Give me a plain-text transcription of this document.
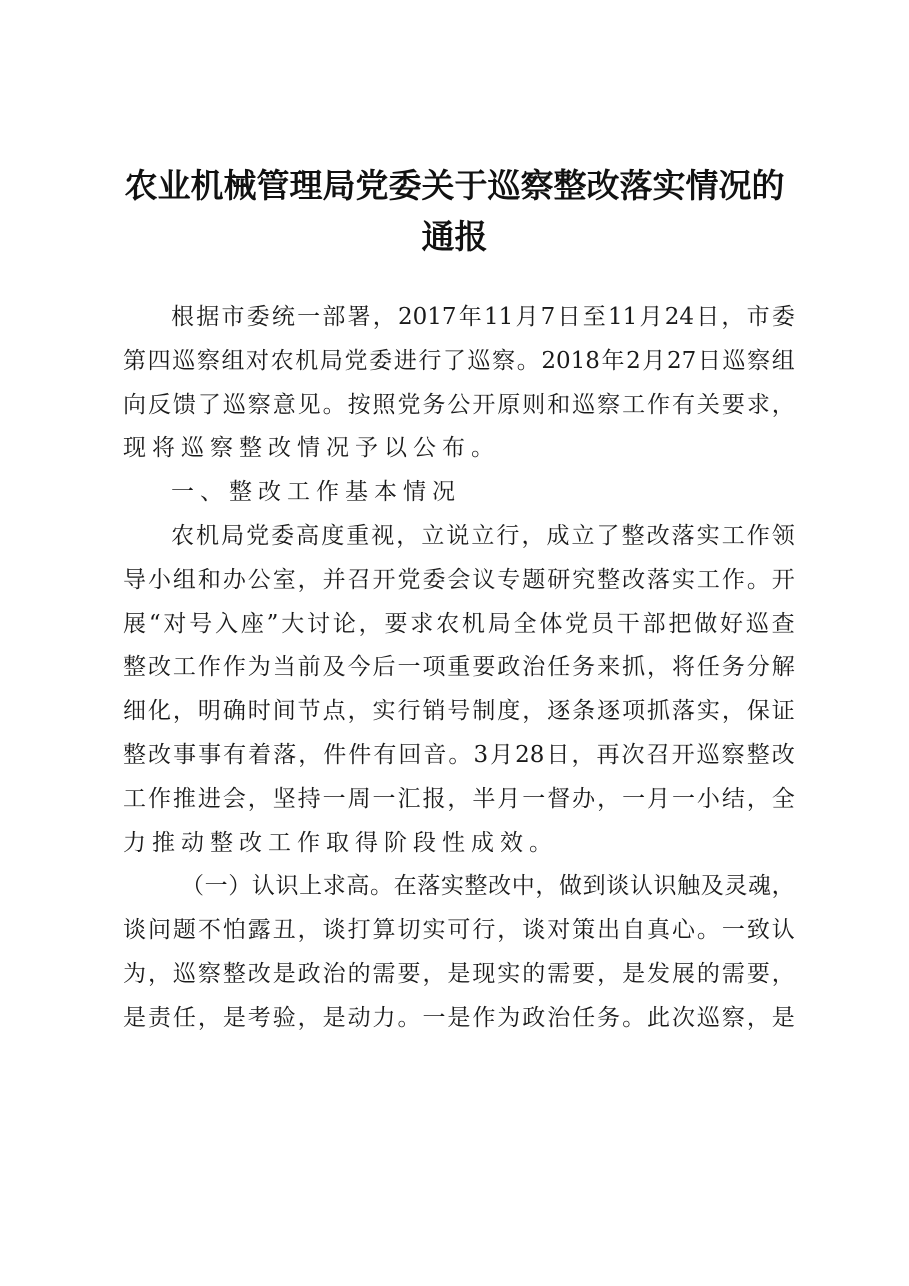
农业机械管理局党委关于巡察整改落实情况的
通报
根 据 市 委 统 一 部 署 ， 2017 年 11 月 7 日 至 11 月 24 日 ， 市 委
第 四 巡 察 组 对 农 机 局 党 委 进 行 了 巡 察 。 2018 年 2 月 27 日 巡 察 组
向 反 馈 了 巡 察 意 见 。 按 照 党 务 公 开 原 则 和 巡 察 工 作 有 关 要 求 ，
现将巡察整改情况予以公布。
一、整改工作基本情况
农 机 局 党 委 高 度 重 视 ， 立 说 立 行 ， 成 立 了 整 改 落 实 工 作 领
导 小 组 和 办 公 室 ， 并 召 开 党 委 会 议 专 题 研 究 整 改 落 实 工 作 。 开
展 “ 对 号 入 座 ” 大 讨 论 ， 要 求 农 机 局 全 体 党 员 干 部 把 做 好 巡 查
整 改 工 作 作 为 当 前 及 今 后 一 项 重 要 政 治 任 务 来 抓 ， 将 任 务 分 解
细 化 ， 明 确 时 间 节 点 ， 实 行 销 号 制 度 ， 逐 条 逐 项 抓 落 实 ， 保 证
整 改 事 事 有 着 落 ， 件 件 有 回 音 。 3 月 28 日 ， 再 次 召 开 巡 察 整 改
工 作 推 进 会 ， 坚 持 一 周 一 汇 报 ， 半 月 一 督 办 ， 一 月 一 小 结 ， 全
力推动整改工作取得阶段性成效。
（ 一 ） 认 识 上 求 高 。 在 落 实 整 改 中 ， 做 到 谈 认 识 触 及 灵 魂 ，
谈 问 题 不 怕 露 丑 ， 谈 打 算 切 实 可 行 ， 谈 对 策 出 自 真 心 。 一 致 认
为 ， 巡 察 整 改 是 政 治 的 需 要 ， 是 现 实 的 需 要 ， 是 发 展 的 需 要 ，
是 责 任 ， 是 考 验 ， 是 动 力 。 一 是 作 为 政 治 任 务 。 此 次 巡 察 ， 是
